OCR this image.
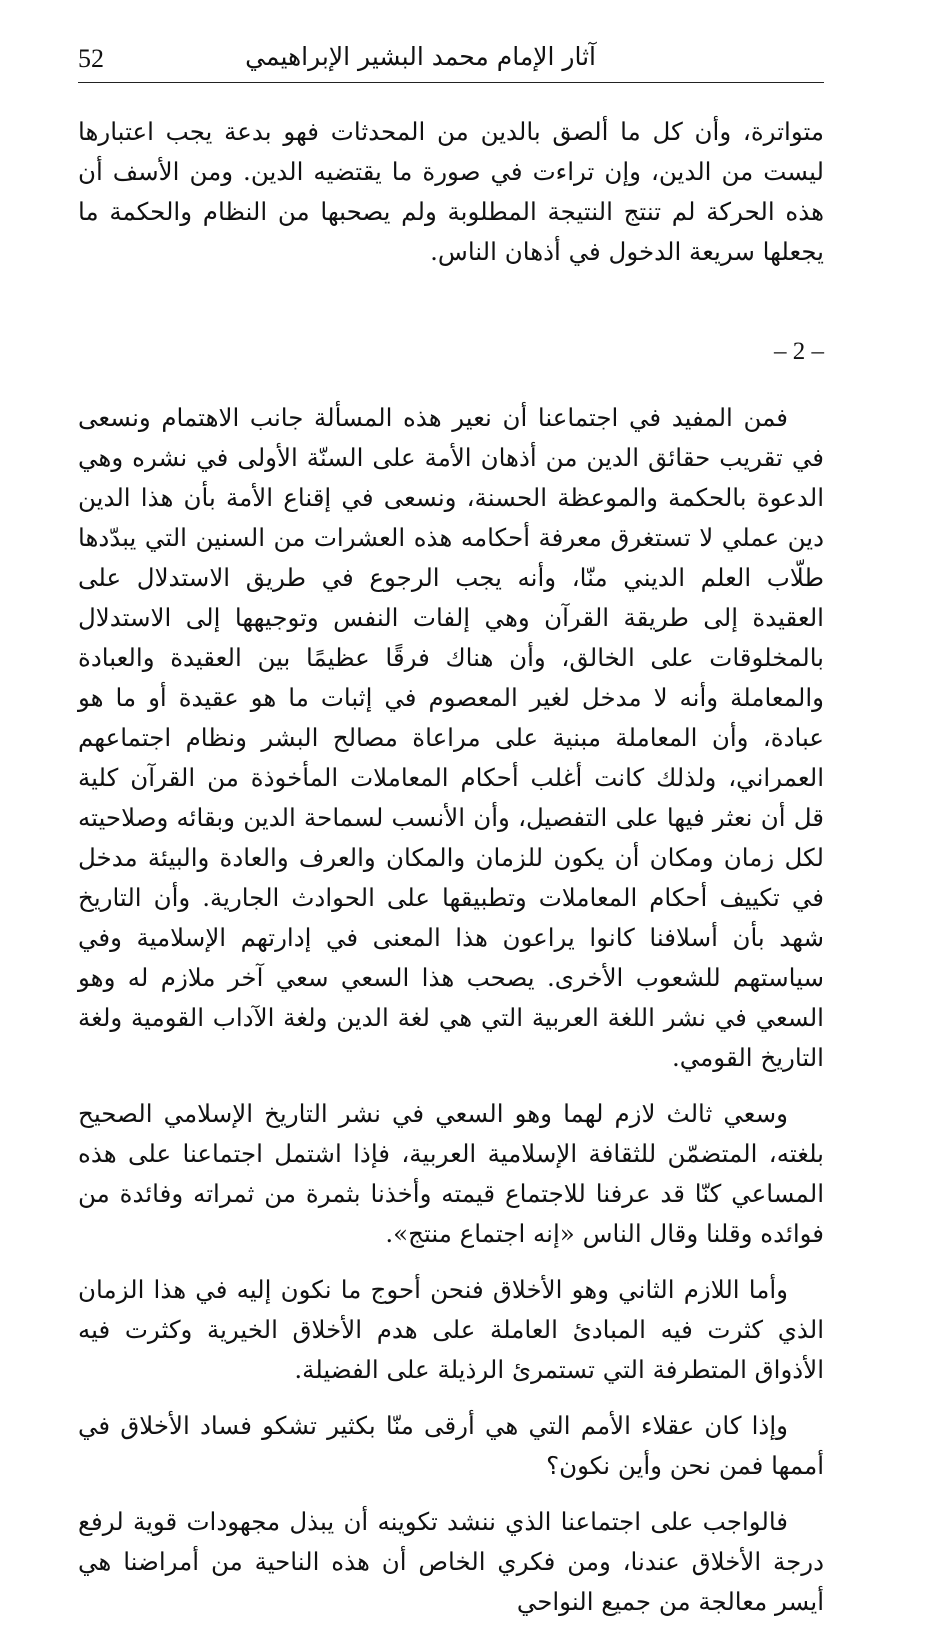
52	آثار الإمام محمد البشير الإبراهيمي

متواترة، وأن كل ما ألصق بالدين من المحدثات فهو بدعة يجب اعتبارها ليست من الدين، وإن تراءت في صورة ما يقتضيه الدين. ومن الأسف أن هذه الحركة لم تنتج النتيجة المطلوبة ولم يصحبها من النظام والحكمة ما يجعلها سريعة الدخول في أذهان الناس.

– 2 –

فمن المفيد في اجتماعنا أن نعير هذه المسألة جانب الاهتمام ونسعى في تقريب حقائق الدين من أذهان الأمة على السنّة الأولى في نشره وهي الدعوة بالحكمة والموعظة الحسنة، ونسعى في إقناع الأمة بأن هذا الدين دين عملي لا تستغرق معرفة أحكامه هذه العشرات من السنين التي يبدّدها طلّاب العلم الديني منّا، وأنه يجب الرجوع في طريق الاستدلال على العقيدة إلى طريقة القرآن وهي إلفات النفس وتوجيهها إلى الاستدلال بالمخلوقات على الخالق، وأن هناك فرقًا عظيمًا بين العقيدة والعبادة والمعاملة وأنه لا مدخل لغير المعصوم في إثبات ما هو عقيدة أو ما هو عبادة، وأن المعاملة مبنية على مراعاة مصالح البشر ونظام اجتماعهم العمراني، ولذلك كانت أغلب أحكام المعاملات المأخوذة من القرآن كلية قل أن نعثر فيها على التفصيل، وأن الأنسب لسماحة الدين وبقائه وصلاحيته لكل زمان ومكان أن يكون للزمان والمكان والعرف والعادة والبيئة مدخل في تكييف أحكام المعاملات وتطبيقها على الحوادث الجارية. وأن التاريخ شهد بأن أسلافنا كانوا يراعون هذا المعنى في إدارتهم الإسلامية وفي سياستهم للشعوب الأخرى. يصحب هذا السعي سعي آخر ملازم له وهو السعي في نشر اللغة العربية التي هي لغة الدين ولغة الآداب القومية ولغة التاريخ القومي.

وسعي ثالث لازم لهما وهو السعي في نشر التاريخ الإسلامي الصحيح بلغته، المتضمّن للثقافة الإسلامية العربية، فإذا اشتمل اجتماعنا على هذه المساعي كنّا قد عرفنا للاجتماع قيمته وأخذنا بثمرة من ثمراته وفائدة من فوائده وقلنا وقال الناس «إنه اجتماع منتج».

وأما اللازم الثاني وهو الأخلاق فنحن أحوج ما نكون إليه في هذا الزمان الذي كثرت فيه المبادئ العاملة على هدم الأخلاق الخيرية وكثرت فيه الأذواق المتطرفة التي تستمرئ الرذيلة على الفضيلة.

وإذا كان عقلاء الأمم التي هي أرقى منّا بكثير تشكو فساد الأخلاق في أممها فمن نحن وأين نكون؟

فالواجب على اجتماعنا الذي ننشد تكوينه أن يبذل مجهودات قوية لرفع درجة الأخلاق عندنا، ومن فكري الخاص أن هذه الناحية من أمراضنا هي أيسر معالجة من جميع النواحي
